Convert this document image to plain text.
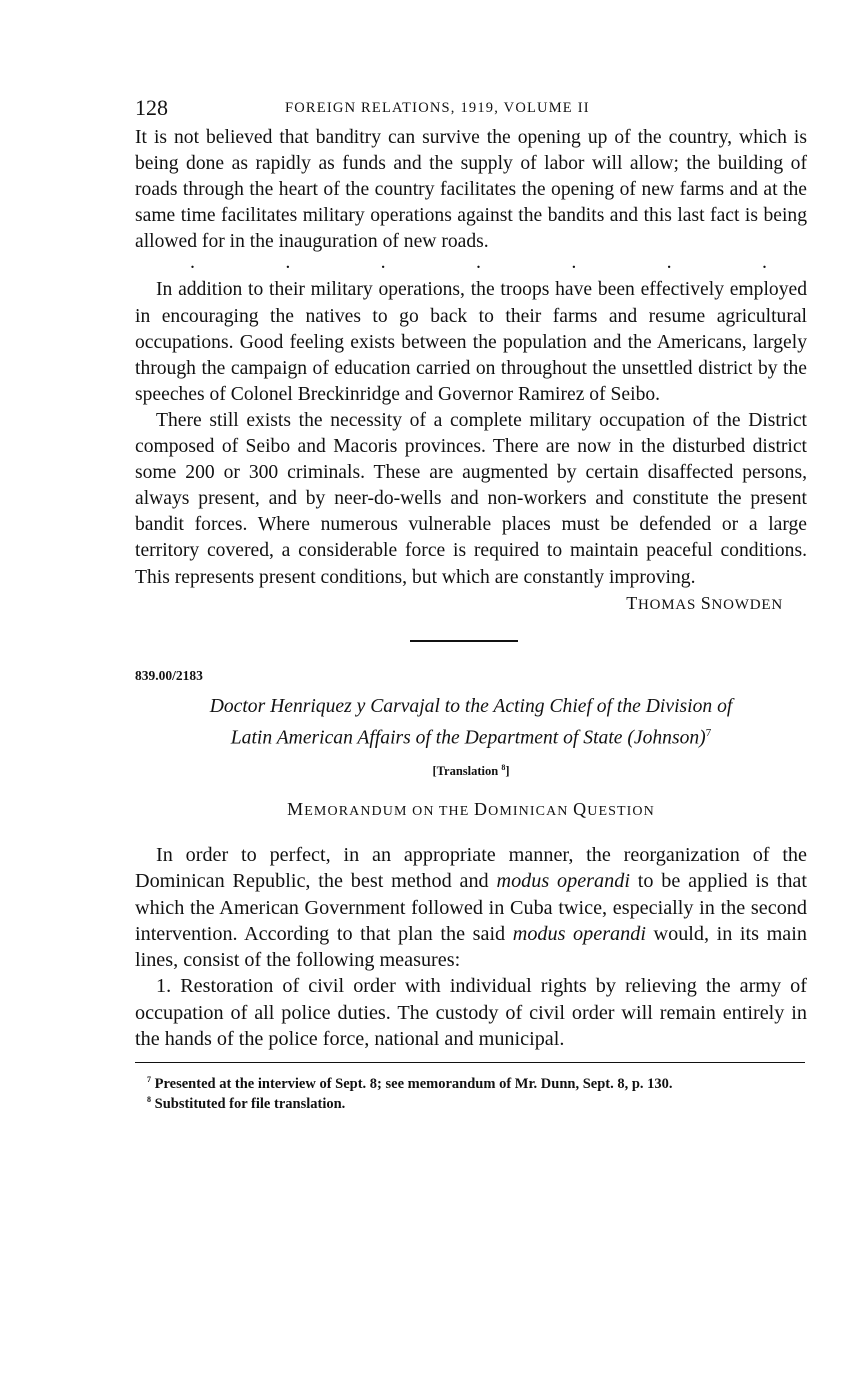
128	FOREIGN RELATIONS, 1919, VOLUME II

It is not believed that banditry can survive the opening up of the country, which is being done as rapidly as funds and the supply of labor will allow; the building of roads through the heart of the country facilitates the opening of new farms and at the same time facilitates military operations against the bandits and this last fact is being allowed for in the inauguration of new roads.

.	.	.	.	.	.	.

In addition to their military operations, the troops have been effectively employed in encouraging the natives to go back to their farms and resume agricultural occupations. Good feeling exists between the population and the Americans, largely through the campaign of education carried on throughout the unsettled district by the speeches of Colonel Breckinridge and Governor Ramirez of Seibo.

There still exists the necessity of a complete military occupation of the District composed of Seibo and Macoris provinces. There are now in the disturbed district some 200 or 300 criminals. These are augmented by certain disaffected persons, always present, and by neer-do-wells and non-workers and constitute the present bandit forces. Where numerous vulnerable places must be defended or a large territory covered, a considerable force is required to maintain peaceful conditions. This represents present conditions, but which are constantly improving.

THOMAS SNOWDEN
839.00/2183
Doctor Henriquez y Carvajal to the Acting Chief of the Division of
Latin American Affairs of the Department of State (Johnson)$^7$
[Translation $^8$]
MEMORANDUM ON THE DOMINICAN QUESTION

In order to perfect, in an appropriate manner, the reorganization of the Dominican Republic, the best method and modus operandi to be applied is that which the American Government followed in Cuba twice, especially in the second intervention. According to that plan the said modus operandi would, in its main lines, consist of the following measures:

1. Restoration of civil order with individual rights by relieving the army of occupation of all police duties. The custody of civil order will remain entirely in the hands of the police force, national and municipal.

$^7$ Presented at the interview of Sept. 8; see memorandum of Mr. Dunn, Sept. 8, p. 130.

$^8$ Substituted for file translation.
